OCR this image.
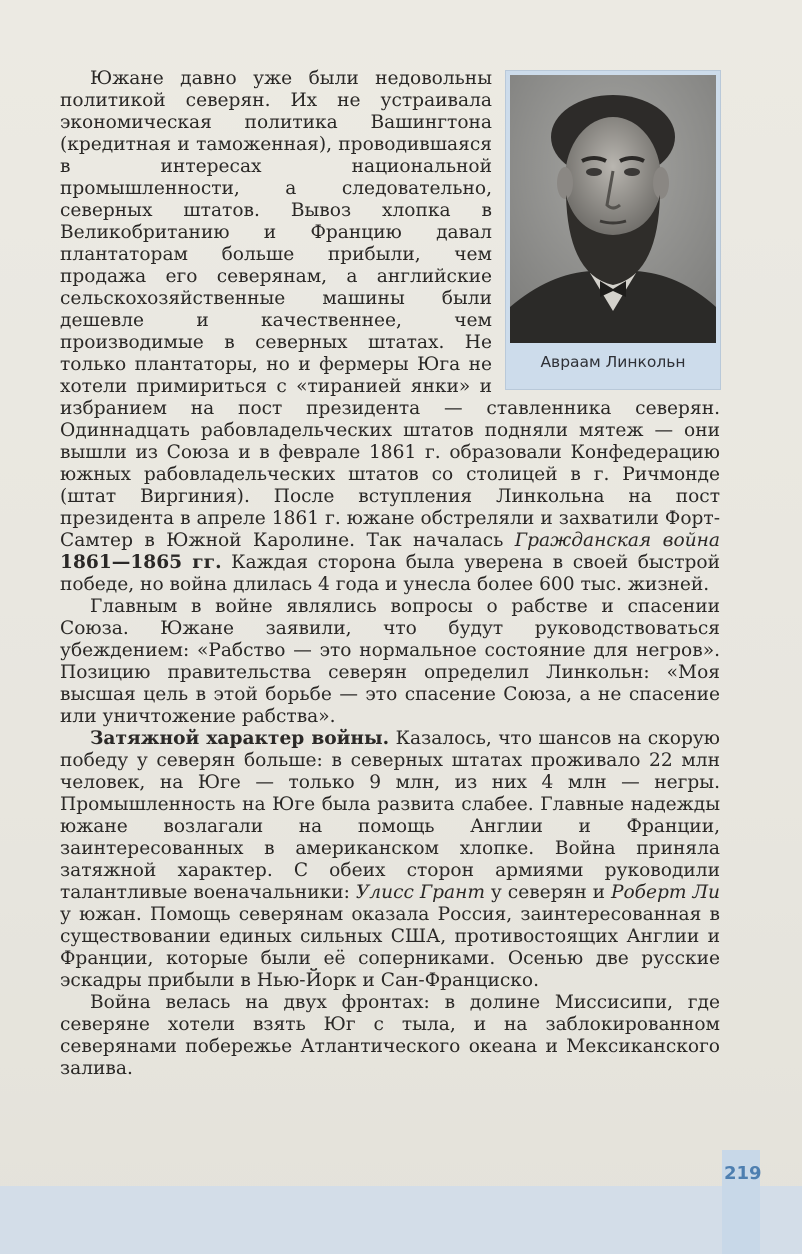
Авраам Линкольн

Южане давно уже были недовольны политикой северян. Их не устраивала экономическая политика Вашингтона (кредитная и таможенная), проводившаяся в интересах национальной промышленности, а следовательно, северных штатов. Вывоз хлопка в Великобританию и Францию давал плантаторам больше прибыли, чем продажа его северянам, а английские сельскохозяйственные машины были дешевле и качественнее, чем производимые в северных штатах. Не только плантаторы, но и фермеры Юга не хотели примириться с «тиранией янки» и избранием на пост президента — ставленника северян. Одиннадцать рабовладельческих штатов подняли мятеж — они вышли из Союза и в феврале 1861 г. образовали Конфедерацию южных рабовладельческих штатов со столицей в г. Ричмонде (штат Виргиния). После вступления Линкольна на пост президента в апреле 1861 г. южане обстреляли и захватили Форт-Самтер в Южной Каролине. Так началась Гражданская война 1861—1865 гг. Каждая сторона была уверена в своей быстрой победе, но война длилась 4 года и унесла более 600 тыс. жизней.

Главным в войне являлись вопросы о рабстве и спасении Союза. Южане заявили, что будут руководствоваться убеждением: «Рабство — это нормальное состояние для негров». Позицию правительства северян определил Линкольн: «Моя высшая цель в этой борьбе — это спасение Союза, а не спасение или уничтожение рабства».

Затяжной характер войны. Казалось, что шансов на скорую победу у северян больше: в северных штатах проживало 22 млн человек, на Юге — только 9 млн, из них 4 млн — негры. Промышленность на Юге была развита слабее. Главные надежды южане возлагали на помощь Англии и Франции, заинтересованных в американском хлопке. Война приняла затяжной характер. С обеих сторон армиями руководили талантливые военачальники: Улисс Грант у северян и Роберт Ли у южан. Помощь северянам оказала Россия, заинтересованная в существовании единых сильных США, противостоящих Англии и Франции, которые были её соперниками. Осенью две русские эскадры прибыли в Нью-Йорк и Сан-Франциско.

Война велась на двух фронтах: в долине Миссисипи, где северяне хотели взять Юг с тыла, и на заблокированном северянами побережье Атлантического океана и Мексиканского залива.

219
